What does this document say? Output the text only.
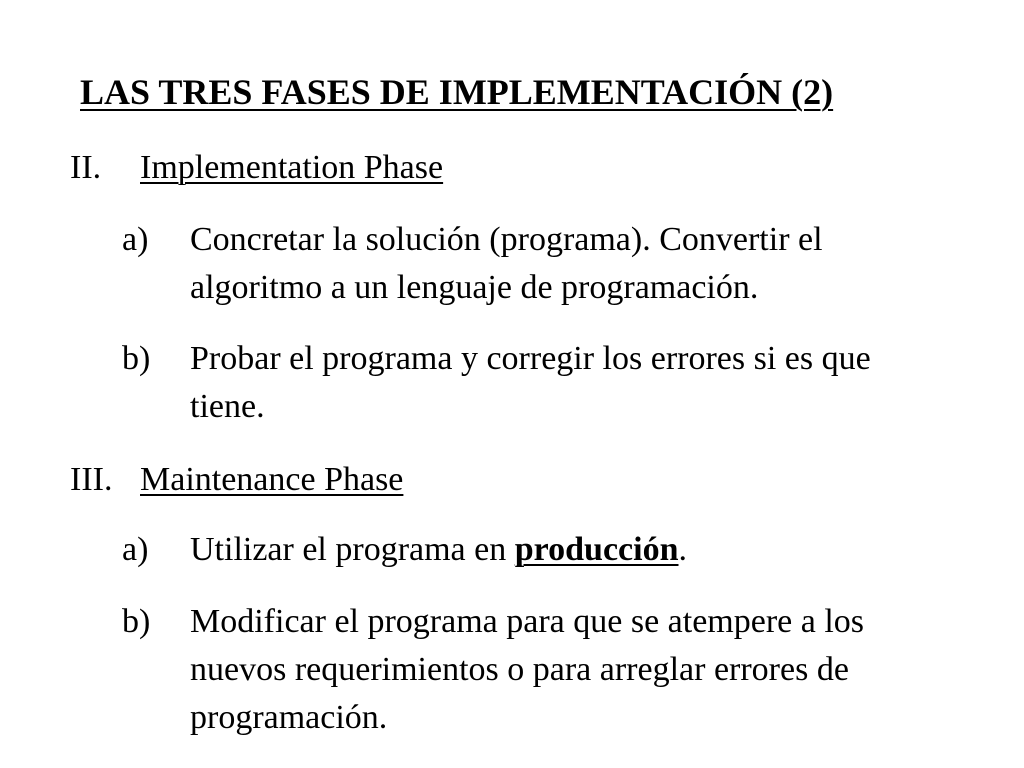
LAS TRES FASES DE IMPLEMENTACIÓN (2)
II. Implementation Phase
a)	Concretar la solución (programa). Convertir el algoritmo a un lenguaje de programación.
b)	Probar el programa y corregir los errores si es que tiene.
III. Maintenance Phase
a)	Utilizar el programa en producción.
b)	Modificar el programa para que se atempere a los nuevos requerimientos o para arreglar errores de programación.
